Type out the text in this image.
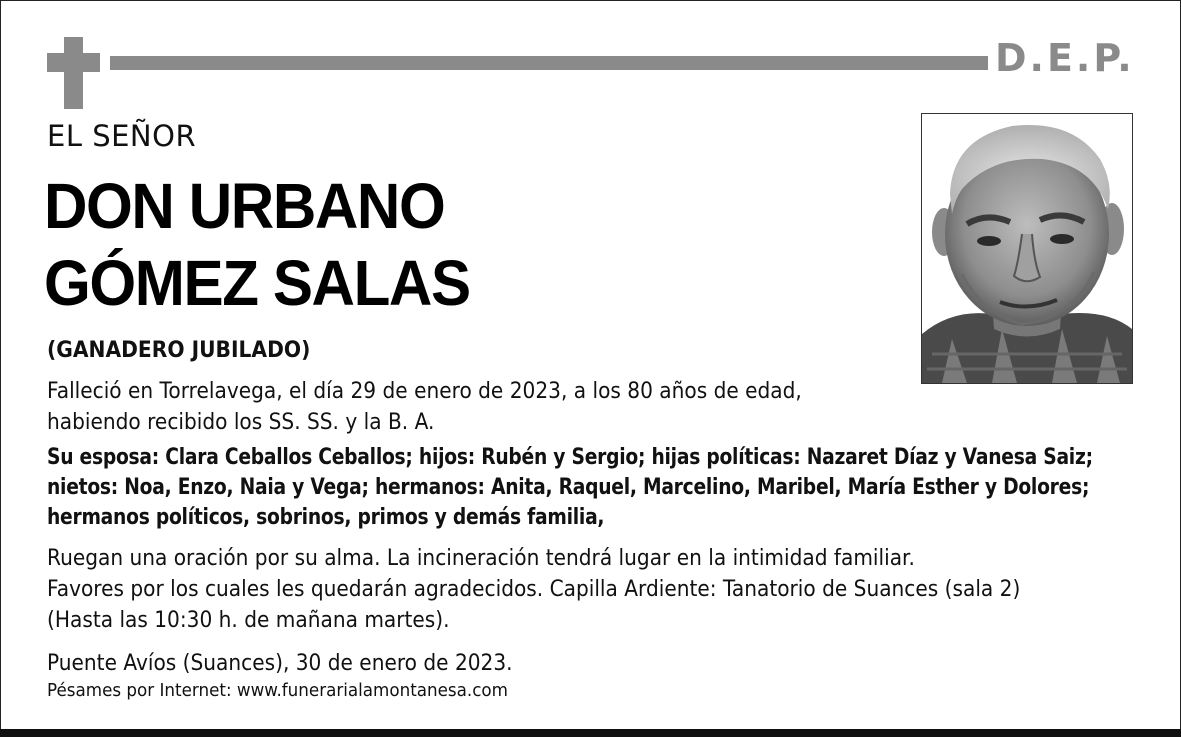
D.E.P.
EL SEÑOR
DON URBANO
GÓMEZ SALAS
(GANADERO JUBILADO)
Falleció en Torrelavega, el día 29 de enero de 2023, a los 80 años de edad,
habiendo recibido los SS. SS. y la B. A.
Su esposa: Clara Ceballos Ceballos; hijos: Rubén y Sergio; hijas políticas: Nazaret Díaz y Vanesa Saiz;
nietos: Noa, Enzo, Naia y Vega; hermanos: Anita, Raquel, Marcelino, Maribel, María Esther y Dolores;
hermanos políticos, sobrinos, primos y demás familia,
Ruegan una oración por su alma. La incineración tendrá lugar en la intimidad familiar.
Favores por los cuales les quedarán agradecidos. Capilla Ardiente: Tanatorio de Suances (sala 2)
(Hasta las 10:30 h. de mañana martes).
Puente Avíos (Suances), 30 de enero de 2023.
Pésames por Internet: www.funerarialamontanesa.com
